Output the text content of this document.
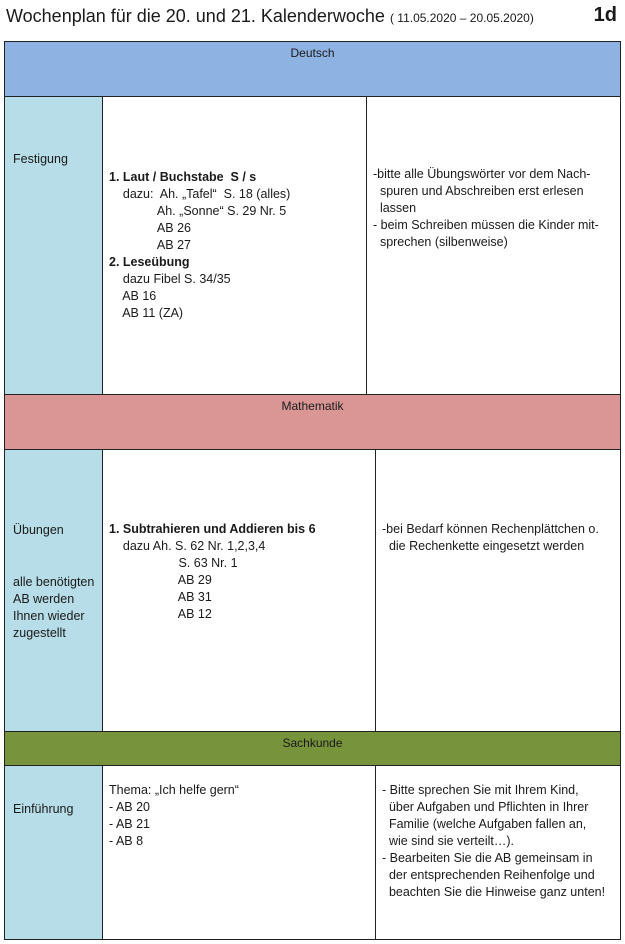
Wochenplan für die 20. und 21. Kalenderwoche ( 11.05.2020 – 20.05.2020)	1d
Deutsch
Festigung
1. Laut / Buchstabe  S / s
dazu:  Ah. „Tafel“  S. 18 (alles)
Ah. „Sonne“ S. 29 Nr. 5
AB 26
AB 27
2. Leseübung
dazu Fibel S. 34/35
AB 16
AB 11 (ZA)
-bitte alle Übungswörter vor dem Nach-
spuren und Abschreiben erst erlesen
lassen
- beim Schreiben müssen die Kinder mit-
sprechen (silbenweise)
Mathematik
Übungen
alle benötigten AB werden Ihnen wieder zugestellt
1. Subtrahieren und Addieren bis 6
dazu Ah. S. 62 Nr. 1,2,3,4
S. 63 Nr. 1
AB 29
AB 31
AB 12
-bei Bedarf können Rechenplättchen o.
die Rechenkette eingesetzt werden
Sachkunde
Einführung
Thema: „Ich helfe gern“
- AB 20
- AB 21
- AB 8
- Bitte sprechen Sie mit Ihrem Kind,
über Aufgaben und Pflichten in Ihrer
Familie (welche Aufgaben fallen an,
wie sind sie verteilt…).
- Bearbeiten Sie die AB gemeinsam in
der entsprechenden Reihenfolge und
beachten Sie die Hinweise ganz unten!
